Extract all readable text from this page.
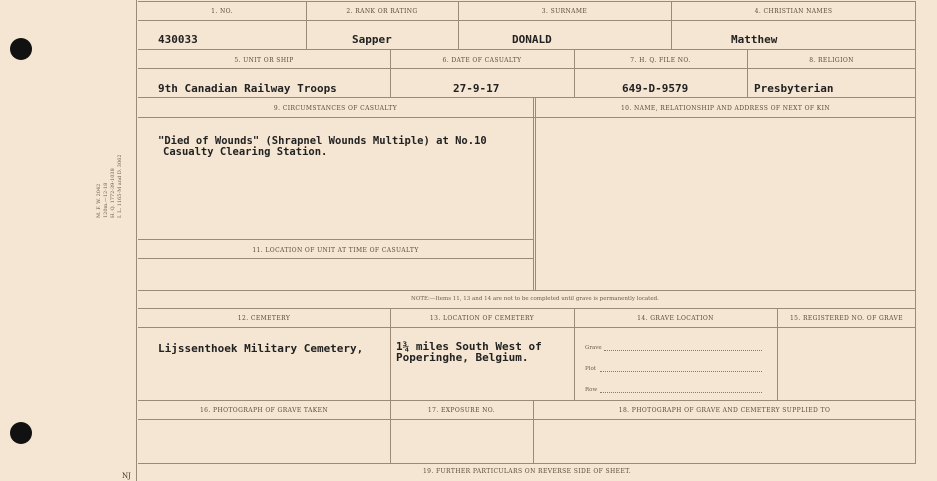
M. F. W. 2042 120m.—12-18 H. Q. 1772-39-1038 I. L. 1165-M and D. 3062
NJ
1. NO.	2. RANK OR RATING	3. SURNAME	4. CHRISTIAN NAMES
430033	Sapper	DONALD	Matthew
5. UNIT OR SHIP	6. DATE OF CASUALTY	7. H. Q. FILE NO.	8. RELIGION
9th Canadian Railway Troops	27-9-17	649-D-9579	Presbyterian
9. CIRCUMSTANCES OF CASUALTY	10. NAME, RELATIONSHIP AND ADDRESS OF NEXT OF KIN
"Died of Wounds" (Shrapnel Wounds Multiple) at No.10
Casualty Clearing Station.
11. LOCATION OF UNIT AT TIME OF CASUALTY
NOTE:—Items 11, 13 and 14 are not to be completed until grave is permanently located.
12. CEMETERY	13. LOCATION OF CEMETERY	14. GRAVE LOCATION	15. REGISTERED NO. OF GRAVE
Lijssenthoek Military Cemetery,	1¾ miles South West of
Poperinghe, Belgium.
Grave
Plot
Row
16. PHOTOGRAPH OF GRAVE TAKEN	17. EXPOSURE NO.	18. PHOTOGRAPH OF GRAVE AND CEMETERY SUPPLIED TO
19. FURTHER PARTICULARS ON REVERSE SIDE OF SHEET.
